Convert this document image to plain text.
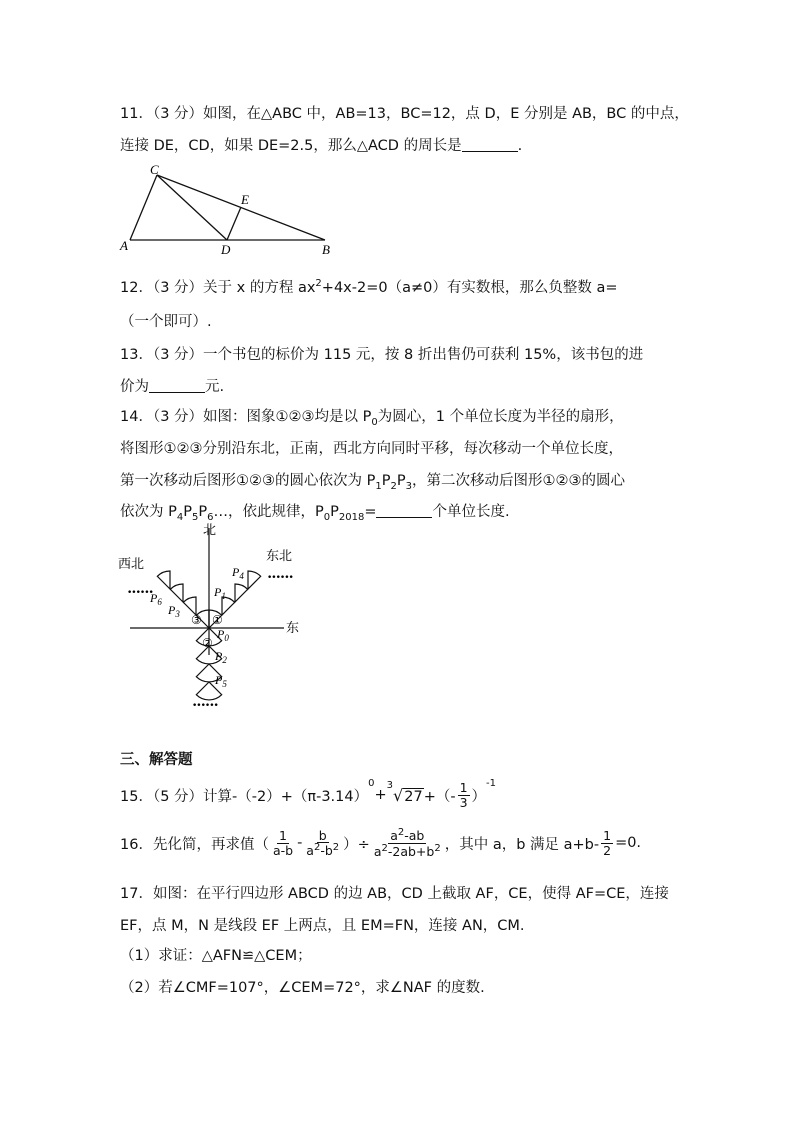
11．（3 分）如图，在△ABC 中，AB=13，BC=12，点 D，E 分别是 AB，BC 的中点，
连接 DE，CD，如果 DE=2.5，那么△ACD 的周长是	.
C
E
A	D	B
12．（3 分）关于 x 的方程 $ax^2+4x-2=0(a\ne 0)$有实数根，那么负整数 a=
（一个即可）.
13．（3 分）一个书包的标价为 115 元，按 8 折出售仍可获利 15%，该书包的进
价为	元.
14．（3 分）如图：图象①②③均是以 $P_0$为圆心，1 个单位长度为半径的扇形，
将图形①②③分别沿东北，正南，西北方向同时平移，每次移动一个单位长度，
第一次移动后图形①②③的圆心依次为 $P_1P_2P_3$，第二次移动后图形①②③的圆心
依次为 $P_4P_5P_6\dots$，依此规律，$P_0P_{2018}=$	个单位长度.
北
东
西北
东北
••••••
••••••
••••••
①
③
②
$P_0$
$P_1$
$P_2$
$P_3$
$P_4$
$P_5$
$P_6$
三、解答题
15．（5 分）计算-（-2）+（π-3.14）
$^0$
+
$^3$ √ 27 +（- $\frac{1}{3}$ ）
$^{-1}$
16．先化简，再求值（ $\frac{1}{a-b} - \frac{b}{a^2-b^2}$ ）÷ $\frac{a^2-ab}{a^2-2ab+b^2}$ ，其中 a，b 满足 $a+b- \frac{1}{2} =0$.
17．如图：在平行四边形 ABCD 的边 AB，CD 上截取 AF，CE，使得 AF=CE，连接
EF，点 M，N 是线段 EF 上两点，且 EM=FN，连接 AN，CM.
（1）求证：△AFN≌△CEM；
（2）若∠CMF=107°，∠CEM=72°，求∠NAF 的度数.
